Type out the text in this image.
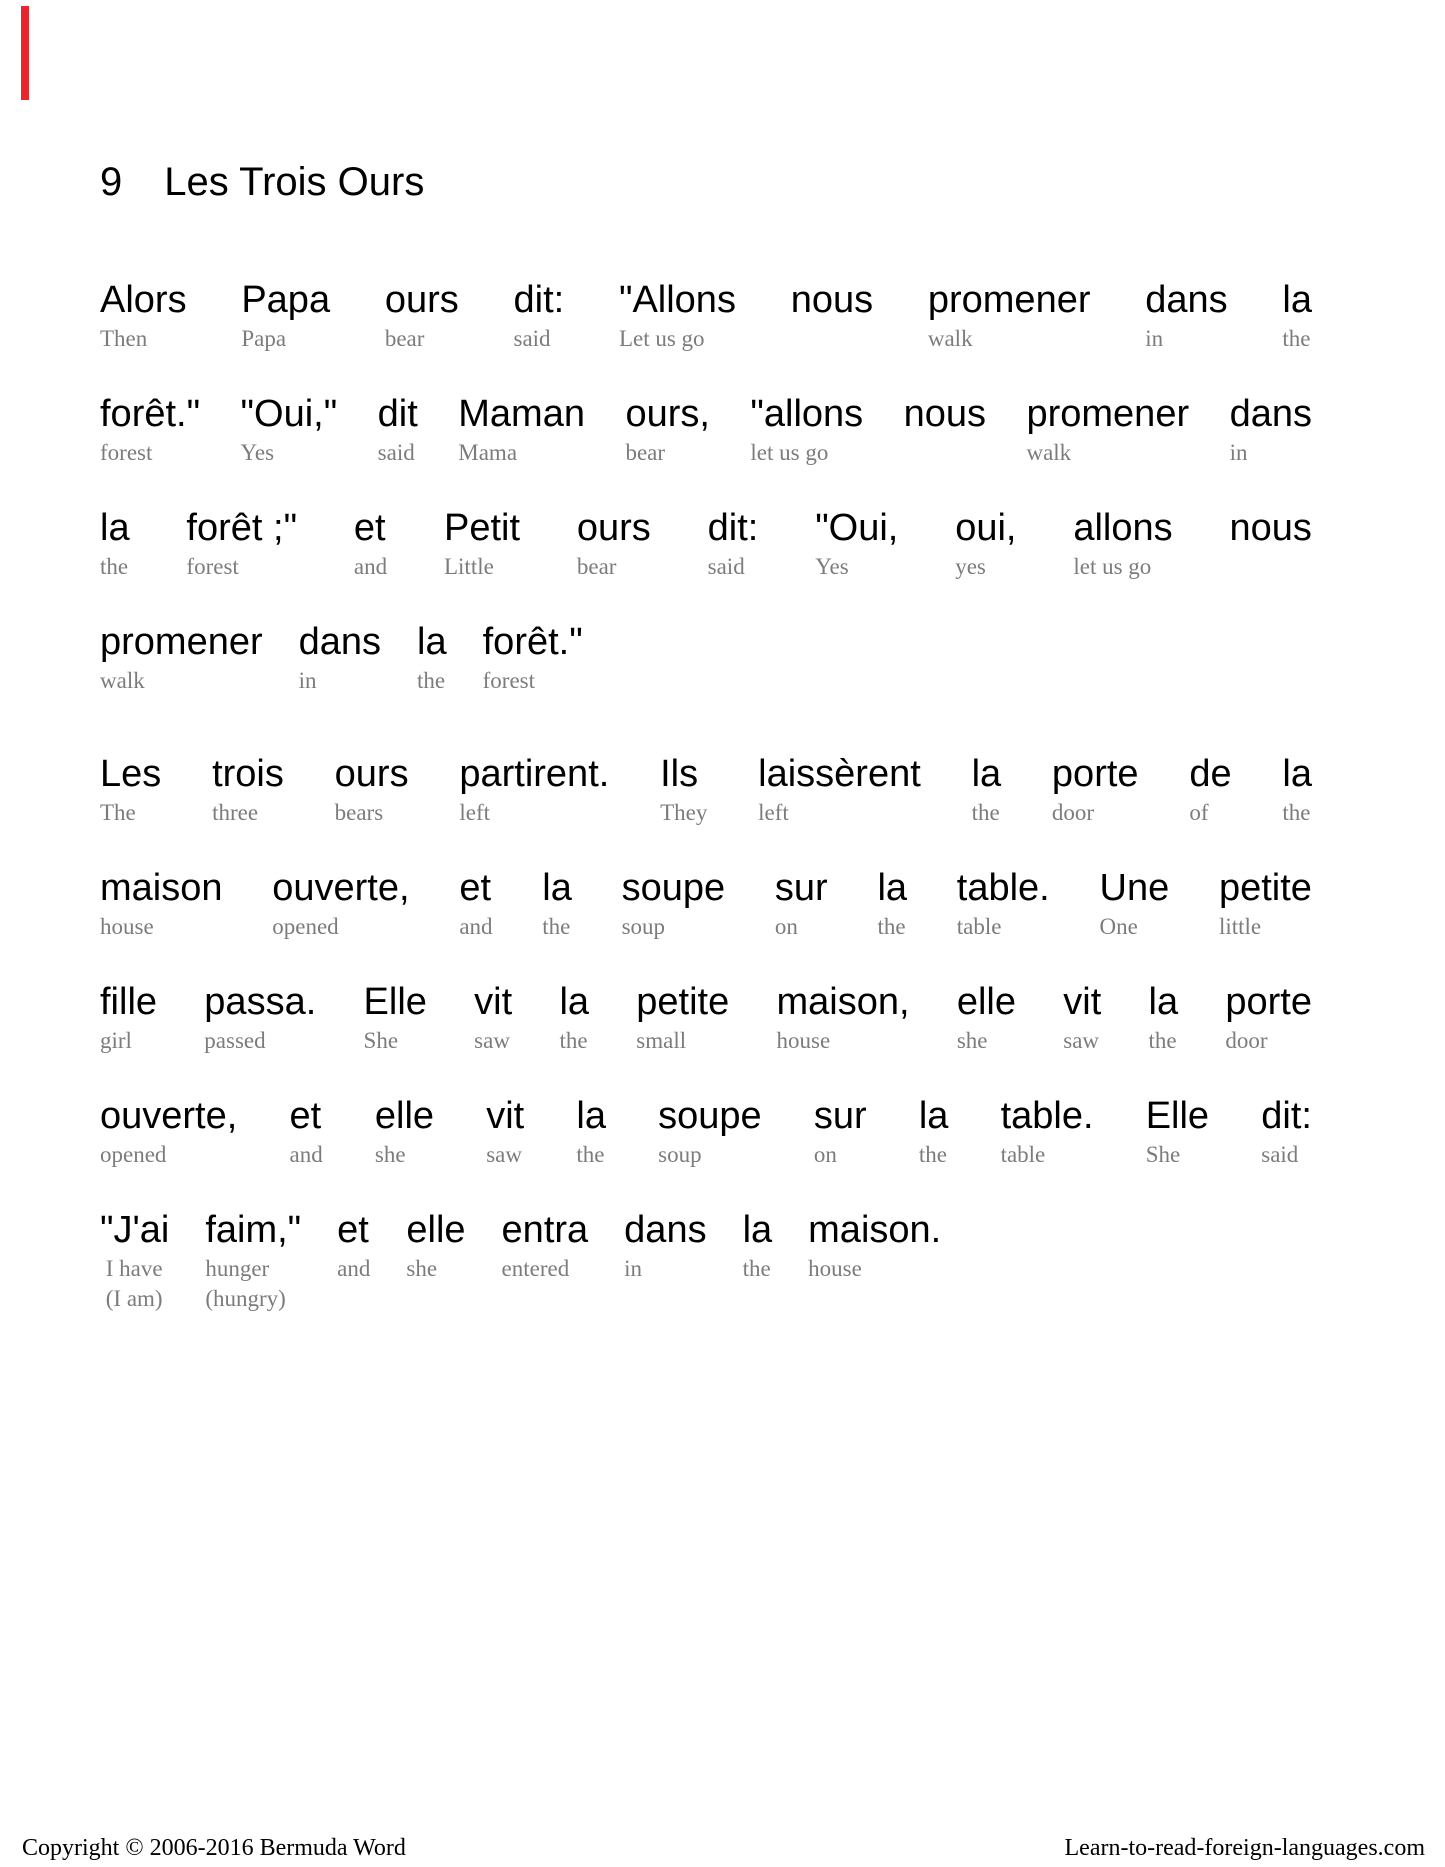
9 Les Trois Ours
Alors
Then
Papa
Papa
ours
bear
dit:
said
"Allons
Let us go
nous promener
walk
dans
in
la
the
forêt."
forest
"Oui,"
Yes
dit
said
Maman
Mama
ours,
bear
"allons
let us go
nous promener
walk
dans
in
la
the
forêt ;"
forest
et
and
Petit
Little
ours
bear
dit:
said
"Oui,
Yes
oui,
yes
allons
let us go
nous
promener
walk
dans
in
la
the
forêt."
forest
Les
The
trois
three
ours
bears
partirent.
left
Ils
They
laissèrent
left
la
the
porte
door
de
of
la
the
maison
house
ouverte,
opened
et
and
la
the
soupe
soup
sur
on
la
the
table.
table
Une
One
petite
little
fille
girl
passa.
passed
Elle
She
vit
saw
la
the
petite
small
maison,
house
elle
she
vit
saw
la
the
porte
door
ouverte,
opened
et
and
elle
she
vit
saw
la
the
soupe
soup
sur
on
la
the
table.
table
Elle
She
dit:
said
"J'ai
I have
(I am)
faim,"
hunger
(hungry)
et
and
elle
she
entra
entered
dans
in
la
the
maison.
house
Copyright © 2006-2016 Bermuda Word	Learn-to-read-foreign-languages.com
